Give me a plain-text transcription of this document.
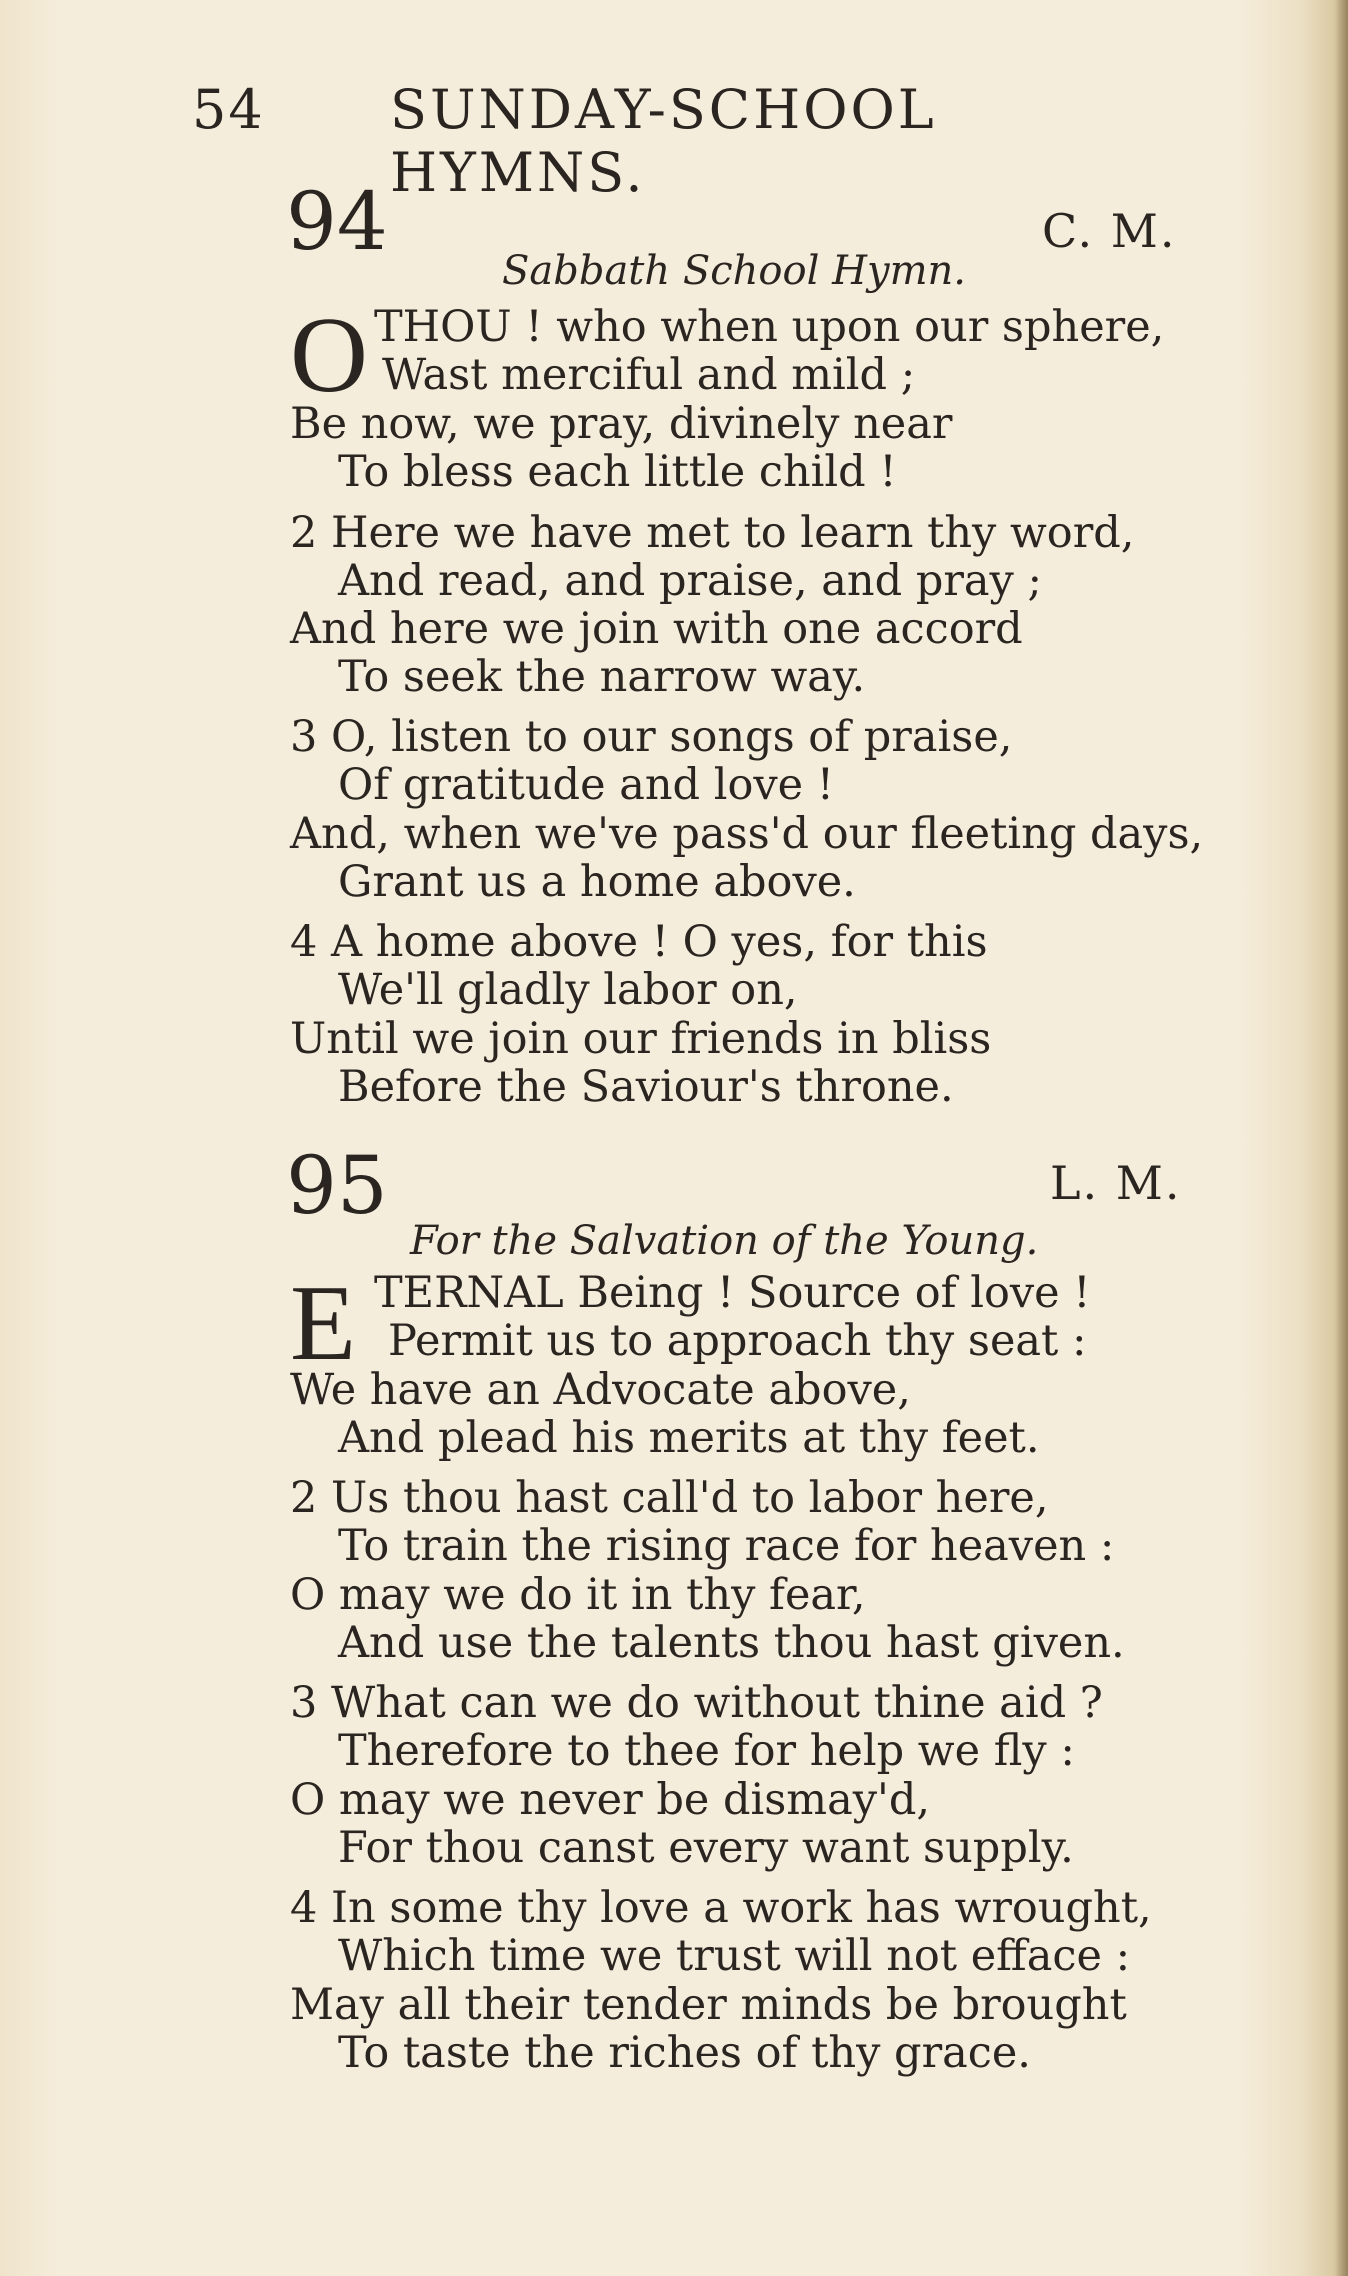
54 SUNDAY-SCHOOL HYMNS.
94	C. M.
Sabbath School Hymn.
O THOU ! who when upon our sphere,
Wast merciful and mild ;
Be now, we pray, divinely near
To bless each little child !
2 Here we have met to learn thy word,
And read, and praise, and pray ;
And here we join with one accord
To seek the narrow way.
3 O, listen to our songs of praise,
Of gratitude and love !
And, when we've pass'd our fleeting days,
Grant us a home above.
4 A home above ! O yes, for this
We'll gladly labor on,
Until we join our friends in bliss
Before the Saviour's throne.
95	L. M.
For the Salvation of the Young.
E TERNAL Being ! Source of love !
Permit us to approach thy seat :
We have an Advocate above,
And plead his merits at thy feet.
2 Us thou hast call'd to labor here,
To train the rising race for heaven :
O may we do it in thy fear,
And use the talents thou hast given.
3 What can we do without thine aid ?
Therefore to thee for help we fly :
O may we never be dismay'd,
For thou canst every want supply.
4 In some thy love a work has wrought,
Which time we trust will not efface :
May all their tender minds be brought
To taste the riches of thy grace.
